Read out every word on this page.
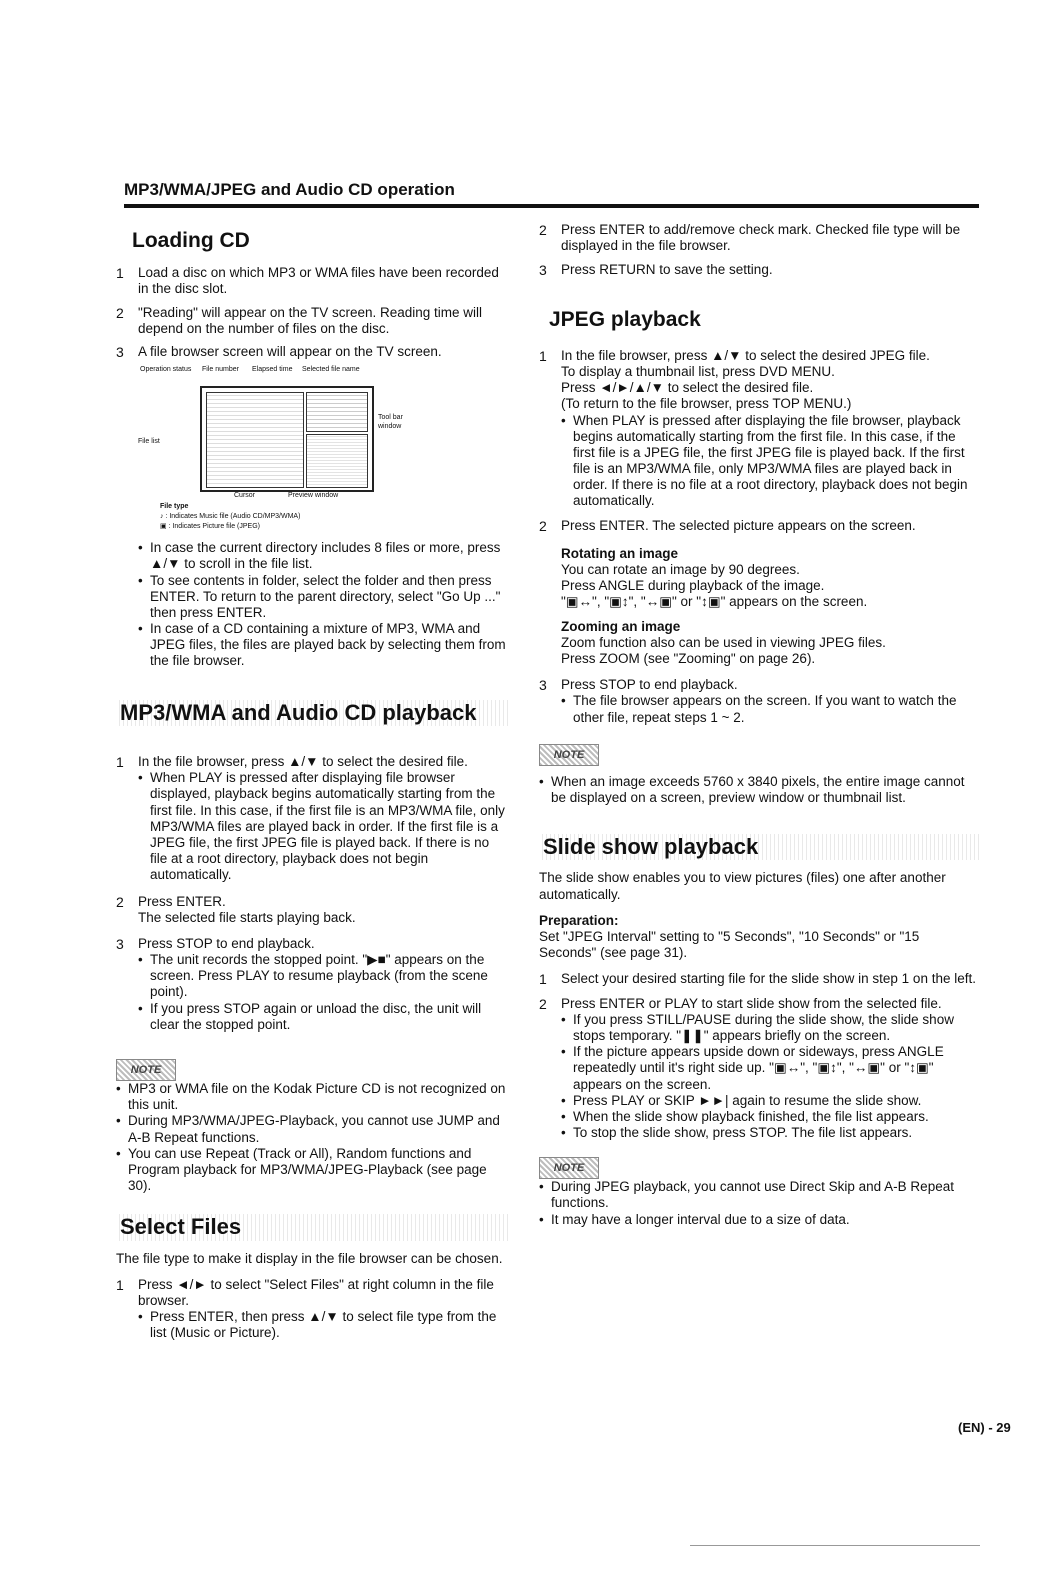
MP3/WMA/JPEG and Audio CD operation
Loading CD
1 Load a disc on which MP3 or WMA files have been recorded in the disc slot.
2 "Reading" will appear on the TV screen. Reading time will depend on the number of files on the disc.
3 A file browser screen will appear on the TV screen.
Operation status File number Elapsed time Selected file name
File list
Tool bar window
Cursor	Preview window
File type
♪ : Indicates Music file (Audio CD/MP3/WMA)
▣ : Indicates Picture file (JPEG)

• In case the current directory includes 8 files or more, press ▲/▼ to scroll in the file list.

• To see contents in folder, select the folder and then press ENTER. To return to the parent directory, select "Go Up ..." then press ENTER.

• In case of a CD containing a mixture of MP3, WMA and JPEG files, the files are played back by selecting them from the file browser.

MP3/WMA and Audio CD playback
1 In the file browser, press ▲/▼ to select the desired file.

• When PLAY is pressed after displaying file browser displayed, playback begins automatically starting from the first file. In this case, if the first file is an MP3/WMA file, only MP3/WMA files are played back in order. If the first file is a JPEG file, the first JPEG file is played back. If there is no file at a root directory, playback does not begin automatically.

2 Press ENTER.

The selected file starts playing back.

3 Press STOP to end playback.

• The unit records the stopped point. "▶■" appears on the screen. Press PLAY to resume playback (from the scene point).

• If you press STOP again or unload the disc, the unit will clear the stopped point.

NOTE

• MP3 or WMA file on the Kodak Picture CD is not recognized on this unit.

• During MP3/WMA/JPEG-Playback, you cannot use JUMP and A-B Repeat functions.

• You can use Repeat (Track or All), Random functions and Program playback for MP3/WMA/JPEG-Playback (see page 30).

Select Files

The file type to make it display in the file browser can be chosen.

1 Press ◄/► to select "Select Files" at right column in the file browser.

• Press ENTER, then press ▲/▼ to select file type from the list (Music or Picture).

2 Press ENTER to add/remove check mark. Checked file type will be displayed in the file browser.
3 Press RETURN to save the setting.
JPEG playback
1 In the file browser, press ▲/▼ to select the desired JPEG file.

To display a thumbnail list, press DVD MENU.

Press ◄/►/▲/▼ to select the desired file.

(To return to the file browser, press TOP MENU.)

• When PLAY is pressed after displaying the file browser, playback begins automatically starting from the first file. In this case, if the first file is a JPEG file, the first JPEG file is played back. If the first file is an MP3/WMA file, only MP3/WMA files are played back in order. If there is no file at a root directory, playback does not begin automatically.

2 Press ENTER. The selected picture appears on the screen.

Rotating an image

You can rotate an image by 90 degrees.

Press ANGLE during playback of the image.

"▣↔", "▣↕", "↔▣" or "↕▣" appears on the screen.

Zooming an image

Zoom function also can be used in viewing JPEG files.

Press ZOOM (see "Zooming" on page 26).

3 Press STOP to end playback.

• The file browser appears on the screen. If you want to watch the other file, repeat steps 1 ~ 2.

NOTE

• When an image exceeds 5760 x 3840 pixels, the entire image cannot be displayed on a screen, preview window or thumbnail list.

Slide show playback

The slide show enables you to view pictures (files) one after another automatically.

Preparation:

Set "JPEG Interval" setting to "5 Seconds", "10 Seconds" or "15 Seconds" (see page 31).

1 Select your desired starting file for the slide show in step 1 on the left.
2 Press ENTER or PLAY to start slide show from the selected file.

• If you press STILL/PAUSE during the slide show, the slide show stops temporary. "❚❚" appears briefly on the screen.

• If the picture appears upside down or sideways, press ANGLE repeatedly until it's right side up. "▣↔", "▣↕", "↔▣" or "↕▣" appears on the screen.

• Press PLAY or SKIP ►►| again to resume the slide show.

• When the slide show playback finished, the file list appears.

• To stop the slide show, press STOP. The file list appears.

NOTE

• During JPEG playback, you cannot use Direct Skip and A-B Repeat functions.

• It may have a longer interval due to a size of data.

(EN) - 29
